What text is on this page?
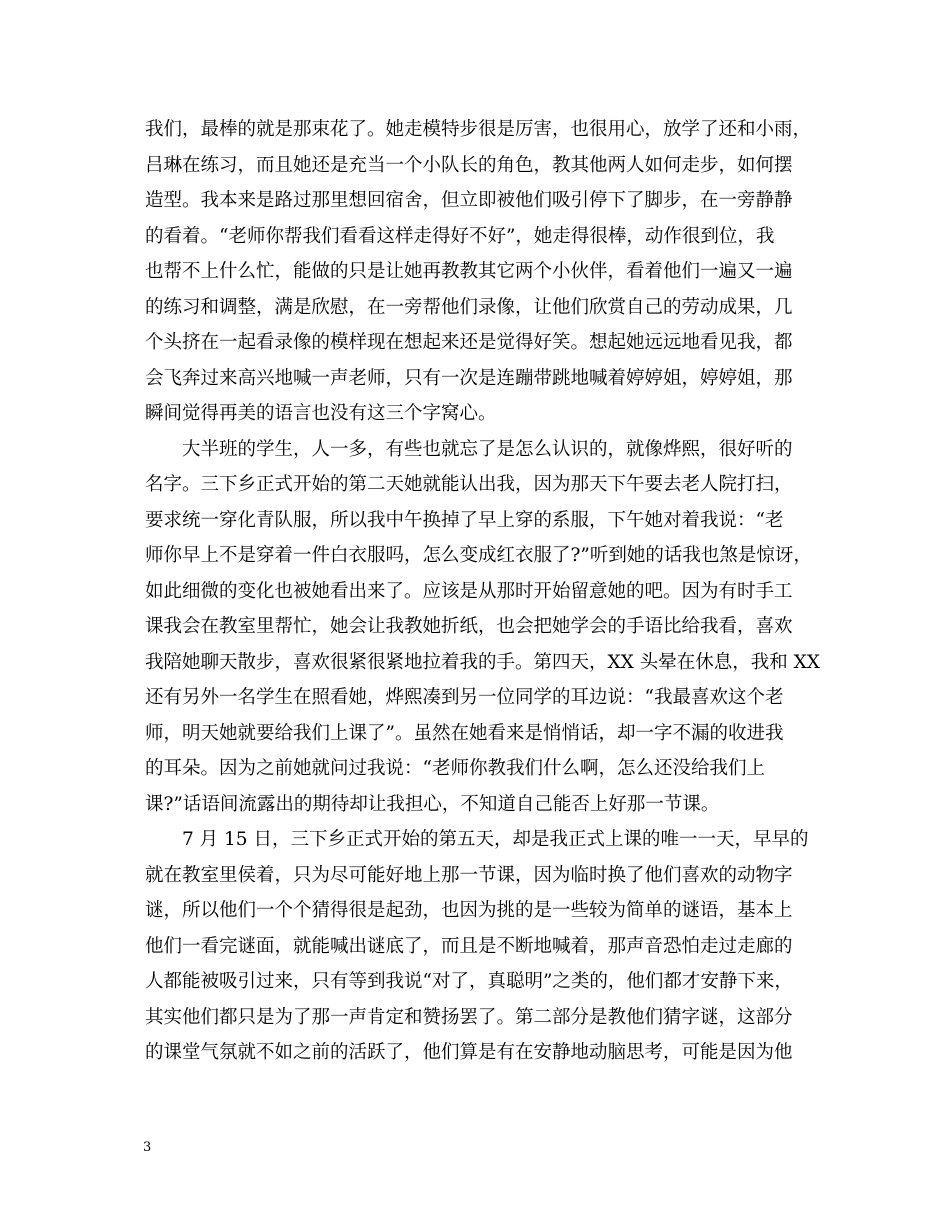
我们，最棒的就是那束花了。她走模特步很是厉害，也很用心，放学了还和小雨，
吕琳在练习，而且她还是充当一个小队长的角色，教其他两人如何走步，如何摆
造型。我本来是路过那里想回宿舍，但立即被他们吸引停下了脚步，在一旁静静
的看着。“老师你帮我们看看这样走得好不好”，她走得很棒，动作很到位，我
也帮不上什么忙，能做的只是让她再教教其它两个小伙伴，看着他们一遍又一遍
的练习和调整，满是欣慰，在一旁帮他们录像，让他们欣赏自己的劳动成果，几
个头挤在一起看录像的模样现在想起来还是觉得好笑。想起她远远地看见我，都
会飞奔过来高兴地喊一声老师，只有一次是连蹦带跳地喊着婷婷姐，婷婷姐，那
瞬间觉得再美的语言也没有这三个字窝心。
大半班的学生，人一多，有些也就忘了是怎么认识的，就像烨熙，很好听的
名字。三下乡正式开始的第二天她就能认出我，因为那天下午要去老人院打扫，
要求统一穿化青队服，所以我中午换掉了早上穿的系服，下午她对着我说：“老
师你早上不是穿着一件白衣服吗，怎么变成红衣服了?”听到她的话我也煞是惊讶，
如此细微的变化也被她看出来了。应该是从那时开始留意她的吧。因为有时手工
课我会在教室里帮忙，她会让我教她折纸，也会把她学会的手语比给我看，喜欢
我陪她聊天散步，喜欢很紧很紧地拉着我的手。第四天，XX 头晕在休息，我和 XX
还有另外一名学生在照看她，烨熙凑到另一位同学的耳边说：“我最喜欢这个老
师，明天她就要给我们上课了”。虽然在她看来是悄悄话，却一字不漏的收进我
的耳朵。因为之前她就问过我说：“老师你教我们什么啊，怎么还没给我们上
课?”话语间流露出的期待却让我担心，不知道自己能否上好那一节课。
7 月 15 日，三下乡正式开始的第五天，却是我正式上课的唯一一天，早早的
就在教室里侯着，只为尽可能好地上那一节课，因为临时换了他们喜欢的动物字
谜，所以他们一个个猜得很是起劲，也因为挑的是一些较为简单的谜语，基本上
他们一看完谜面，就能喊出谜底了，而且是不断地喊着，那声音恐怕走过走廊的
人都能被吸引过来，只有等到我说“对了，真聪明”之类的，他们都才安静下来，
其实他们都只是为了那一声肯定和赞扬罢了。第二部分是教他们猜字谜，这部分
的课堂气氛就不如之前的活跃了，他们算是有在安静地动脑思考，可能是因为他
3
